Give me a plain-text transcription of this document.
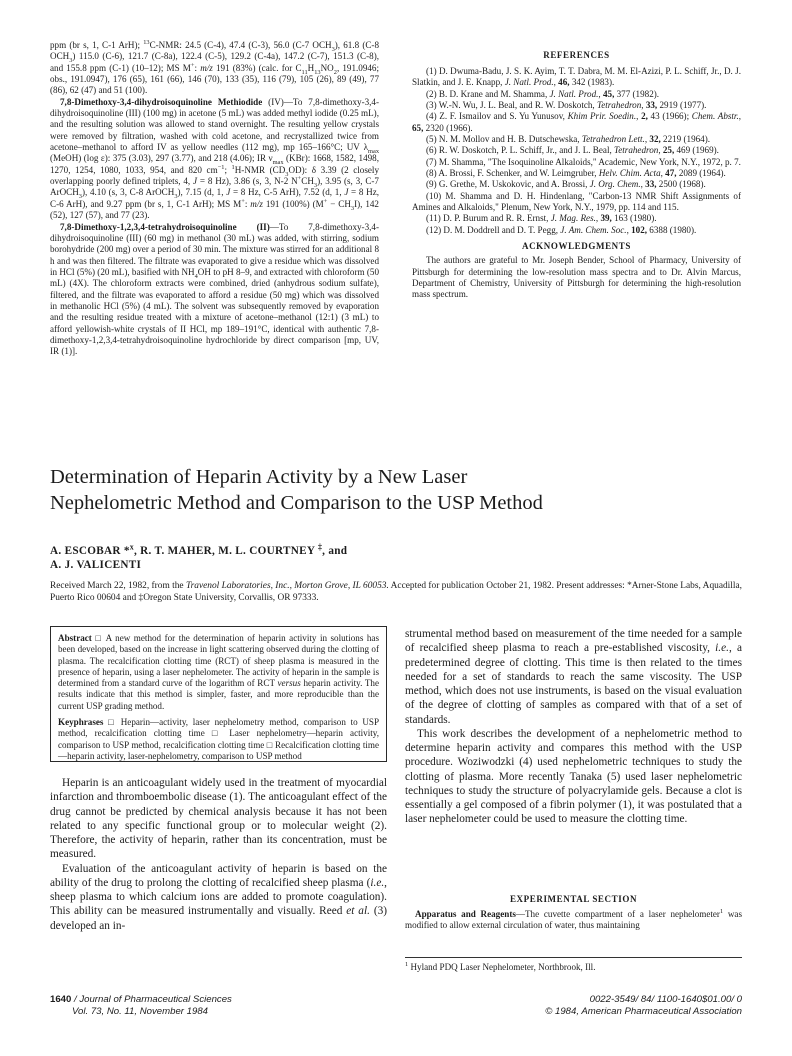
ppm (br s, 1, C-1 ArH); $^{13}$C-NMR: 24.5 (C-4), 47.4 (C-3), 56.0 (C-7 $OCH_3$), 61.8 (C-8 $OCH_3$) 115.0 (C-6), 121.7 (C-8a), 122.4 (C-5), 129.2 (C-4a), 147.2 (C-7), 151.3 (C-8), and 155.8 ppm (C-1) (10–12); MS M+: m/z 191 (83%) (calc. for $C_{11}H_{13}NO_2$, 191.0946; obs., 191.0947), 176 (65), 161 (66), 146 (70), 133 (35), 116 (79), 105 (26), 89 (49), 77 (86), 62 (47) and 51 (100).

7,8-Dimethoxy-3,4-dihydroisoquinoline Methiodide (IV)—To 7,8-dimethoxy-3,4-dihydroisoquinoline (III) (100 mg) in acetone (5 mL) was added methyl iodide (0.25 mL), and the resulting solution was allowed to stand overnight. The resulting yellow crystals were removed by filtration, washed with cold acetone, and recrystallized twice from acetone–methanol to afford IV as yellow needles (112 mg), mp 165–166°C; UV $\lambda_{max}$ (MeOH) (log ε): 375 (3.03), 297 (3.77), and 218 (4.06); IR $\nu_{max}$ (KBr): 1668, 1582, 1498, 1270, 1254, 1080, 1033, 954, and 820 $cm^{-1}$; $^1$H-NMR $(CD_3OD)$: δ 3.39 (2 closely overlapping poorly defined triplets, 4, J = 8 Hz), 3.86 (s, 3, N-2 $N^+CH_3$), 3.95 (s, 3, C-7 ArOCH$_3$), 4.10 (s, 3, C-8 ArOCH$_3$), 7.15 (d, 1, J = 8 Hz, C-5 ArH), 7.52 (d, 1, J = 8 Hz, C-6 ArH), and 9.27 ppm (br s, 1, C-1 ArH); MS M+: m/z 191 (100%) $(M^+ - CH_3I)$, 142 (52), 127 (57), and 77 (23).

7,8-Dimethoxy-1,2,3,4-tetrahydroisoquinoline (II)—To 7,8-dimethoxy-3,4-dihydroisoquinoline (III) (60 mg) in methanol (30 mL) was added, with stirring, sodium borohydride (200 mg) over a period of 30 min. The mixture was stirred for an additional 8 h and was then filtered. The filtrate was evaporated to give a residue which was dissolved in HCl (5%) (20 mL), basified with $NH_4OH$ to pH 8–9, and extracted with chloroform (50 mL) (4X). The chloroform extracts were combined, dried (anhydrous sodium sulfate), filtered, and the filtrate was evaporated to afford a residue (50 mg) which was dissolved in methanolic HCl (5%) (4 mL). The solvent was subsequently removed by evaporation and the resulting residue treated with a mixture of acetone–methanol (12:1) (3 mL) to afford yellowish-white crystals of II HCl, mp 189–191°C, identical with authentic 7,8-dimethoxy-1,2,3,4-tetrahydroisoquinoline hydrochloride by direct comparison [mp, UV, IR (1)].

REFERENCES

(1) D. Dwuma-Badu, J. S. K. Ayim, T. T. Dabra, M. M. El-Azizi, P. L. Schiff, Jr., D. J. Slatkin, and J. E. Knapp, J. Natl. Prod., 46, 342 (1983).

(2) B. D. Krane and M. Shamma, J. Natl. Prod., 45, 377 (1982).

(3) W.-N. Wu, J. L. Beal, and R. W. Doskotch, Tetrahedron, 33, 2919 (1977).

(4) Z. F. Ismailov and S. Yu Yunusov, Khim Prir. Soedin., 2, 43 (1966); Chem. Abstr., 65, 2320 (1966).

(5) N. M. Mollov and H. B. Dutschewska, Tetrahedron Lett., 32, 2219 (1964).

(6) R. W. Doskotch, P. L. Schiff, Jr., and J. L. Beal, Tetrahedron, 25, 469 (1969).

(7) M. Shamma, "The Isoquinoline Alkaloids," Academic, New York, N.Y., 1972, p. 7.

(8) A. Brossi, F. Schenker, and W. Leimgruber, Helv. Chim. Acta, 47, 2089 (1964).

(9) G. Grethe, M. Uskokovic, and A. Brossi, J. Org. Chem., 33, 2500 (1968).

(10) M. Shamma and D. H. Hindenlang, "Carbon-13 NMR Shift Assignments of Amines and Alkaloids," Plenum, New York, N.Y., 1979, pp. 114 and 115.

(11) D. P. Burum and R. R. Ernst, J. Mag. Res., 39, 163 (1980).

(12) D. M. Doddrell and D. T. Pegg, J. Am. Chem. Soc., 102, 6388 (1980).

ACKNOWLEDGMENTS

The authors are grateful to Mr. Joseph Bender, School of Pharmacy, University of Pittsburgh for determining the low-resolution mass spectra and to Dr. Alvin Marcus, Department of Chemistry, University of Pittsburgh for determining the high-resolution mass spectrum.

Determination of Heparin Activity by a New Laser
Nephelometric Method and Comparison to the USP Method
A. ESCOBAR *$^x$, R. T. MAHER, M. L. COURTNEY ‡, and
A. J. VALICENTI

Received March 22, 1982, from the Travenol Laboratories, Inc., Morton Grove, IL 60053. Accepted for publication October 21, 1982. Present addresses: *Arner-Stone Labs, Aquadilla, Puerto Rico 00604 and ‡Oregon State University, Corvallis, OR 97333.

Abstract □ A new method for the determination of heparin activity in solutions has been developed, based on the increase in light scattering observed during the clotting of plasma. The recalcification clotting time (RCT) of sheep plasma is measured in the presence of heparin, using a laser nephelometer. The activity of heparin in the sample is determined from a standard curve of the logarithm of RCT versus heparin activity. The results indicate that this method is simpler, faster, and more reproducible than the current USP grading method.

Keyphrases □ Heparin—activity, laser nephelometry method, comparison to USP method, recalcification clotting time □ Laser nephelometry—heparin activity, comparison to USP method, recalcification clotting time □ Recalcification clotting time—heparin activity, laser-nephelometry, comparison to USP method

Heparin is an anticoagulant widely used in the treatment of myocardial infarction and thromboembolic disease (1). The anticoagulant effect of the drug cannot be predicted by chemical analysis because it has not been related to any specific functional group or to molecular weight (2). Therefore, the activity of heparin, rather than its concentration, must be measured.

Evaluation of the anticoagulant activity of heparin is based on the ability of the drug to prolong the clotting of recalcified sheep plasma (i.e., sheep plasma to which calcium ions are added to promote coagulation). This ability can be measured instrumentally and visually. Reed et al. (3) developed an in-

strumental method based on measurement of the time needed for a sample of recalcified sheep plasma to reach a pre-established viscosity, i.e., a predetermined degree of clotting. This time is then related to the times needed for a set of standards to reach the same viscosity. The USP method, which does not use instruments, is based on the visual evaluation of the degree of clotting of samples as compared with that of a set of standards.

This work describes the development of a nephelometric method to determine heparin activity and compares this method with the USP procedure. Woziwodzki (4) used nephelometric techniques to study the clotting of plasma. More recently Tanaka (5) used laser nephelometric techniques to study the structure of polyacrylamide gels. Because a clot is essentially a gel composed of a fibrin polymer (1), it was postulated that a laser nephelometer could be used to measure the clotting time.

EXPERIMENTAL SECTION

Apparatus and Reagents—The cuvette compartment of a laser nephelometer$^1$ was modified to allow external circulation of water, thus maintaining

$^1$ Hyland PDQ Laser Nephelometer, Northbrook, Ill.

1640 / Journal of Pharmaceutical Sciences
Vol. 73, No. 11, November 1984
0022-3549/ 84/ 1100-1640$01.00/ 0
© 1984, American Pharmaceutical Association
